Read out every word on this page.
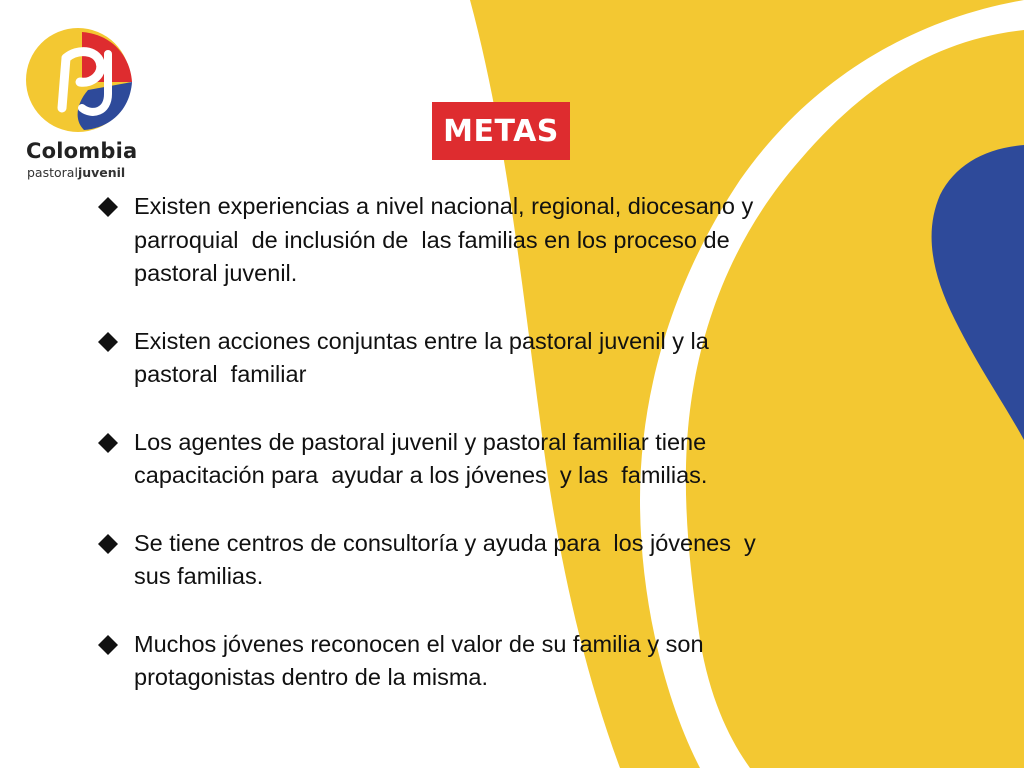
Colombia
pastoraljuvenil
METAS
Existen experiencias a nivel nacional, regional, diocesano y
parroquial  de inclusión de  las familias en los proceso de
pastoral juvenil.
Existen acciones conjuntas entre la pastoral juvenil y la
pastoral  familiar
Los agentes de pastoral juvenil y pastoral familiar tiene
capacitación para  ayudar a los jóvenes  y las  familias.
Se tiene centros de consultoría y ayuda para  los jóvenes  y
sus familias.
Muchos jóvenes reconocen el valor de su familia y son
protagonistas dentro de la misma.
